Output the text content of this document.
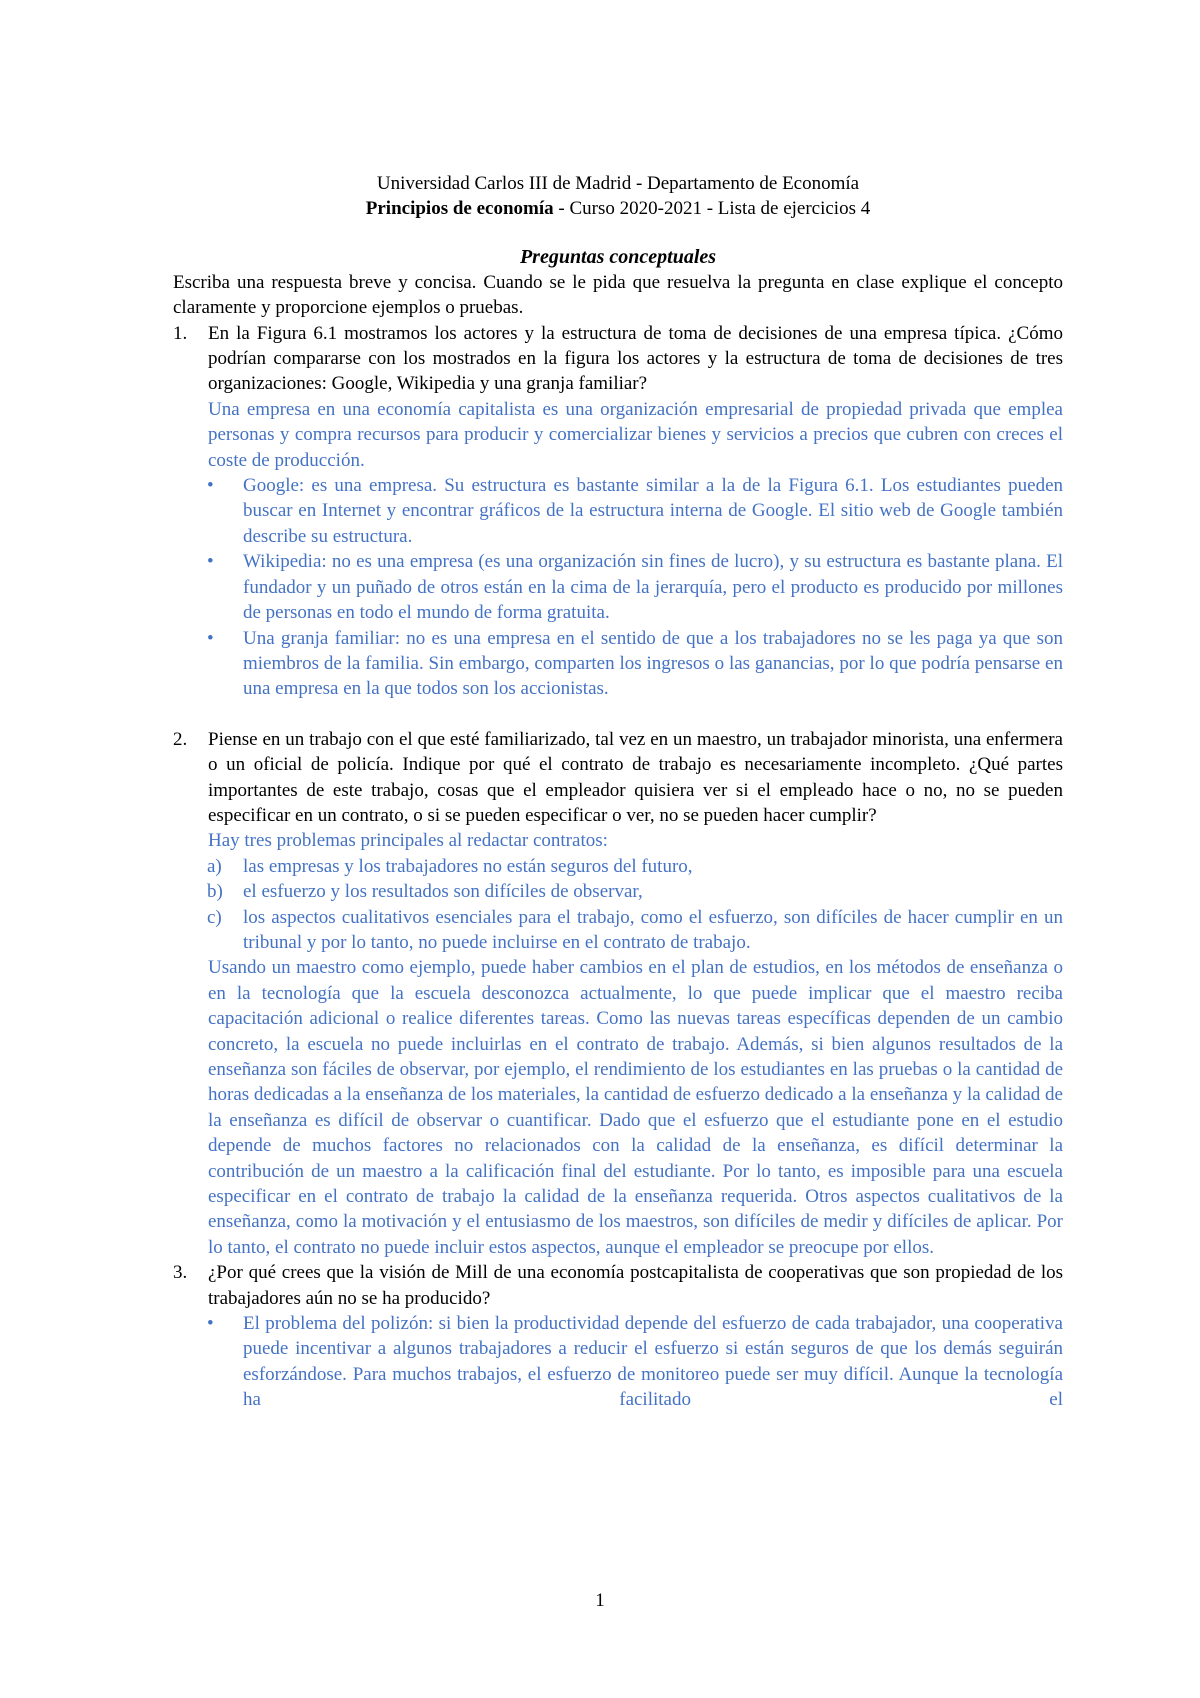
Universidad Carlos III de Madrid - Departamento de Economía

Principios de economía - Curso 2020-2021 - Lista de ejercicios 4

Preguntas conceptuales

Escriba una respuesta breve y concisa. Cuando se le pida que resuelva la pregunta en clase explique el concepto claramente y proporcione ejemplos o pruebas.

1. En la Figura 6.1 mostramos los actores y la estructura de toma de decisiones de una empresa típica. ¿Cómo podrían compararse con los mostrados en la figura los actores y la estructura de toma de decisiones de tres organizaciones: Google, Wikipedia y una granja familiar?

Una empresa en una economía capitalista es una organización empresarial de propiedad privada que emplea personas y compra recursos para producir y comercializar bienes y servicios a precios que cubren con creces el coste de producción.

• Google: es una empresa. Su estructura es bastante similar a la de la Figura 6.1. Los estudiantes pueden buscar en Internet y encontrar gráficos de la estructura interna de Google. El sitio web de Google también describe su estructura.

• Wikipedia: no es una empresa (es una organización sin fines de lucro), y su estructura es bastante plana. El fundador y un puñado de otros están en la cima de la jerarquía, pero el producto es producido por millones de personas en todo el mundo de forma gratuita.

• Una granja familiar: no es una empresa en el sentido de que a los trabajadores no se les paga ya que son miembros de la familia. Sin embargo, comparten los ingresos o las ganancias, por lo que podría pensarse en una empresa en la que todos son los accionistas.

2. Piense en un trabajo con el que esté familiarizado, tal vez en un maestro, un trabajador minorista, una enfermera o un oficial de policía. Indique por qué el contrato de trabajo es necesariamente incompleto. ¿Qué partes importantes de este trabajo, cosas que el empleador quisiera ver si el empleado hace o no, no se pueden especificar en un contrato, o si se pueden especificar o ver, no se pueden hacer cumplir?

Hay tres problemas principales al redactar contratos:

a) las empresas y los trabajadores no están seguros del futuro,

b) el esfuerzo y los resultados son difíciles de observar,

c) los aspectos cualitativos esenciales para el trabajo, como el esfuerzo, son difíciles de hacer cumplir en un tribunal y por lo tanto, no puede incluirse en el contrato de trabajo.

Usando un maestro como ejemplo, puede haber cambios en el plan de estudios, en los métodos de enseñanza o en la tecnología que la escuela desconozca actualmente, lo que puede implicar que el maestro reciba capacitación adicional o realice diferentes tareas. Como las nuevas tareas específicas dependen de un cambio concreto, la escuela no puede incluirlas en el contrato de trabajo. Además, si bien algunos resultados de la enseñanza son fáciles de observar, por ejemplo, el rendimiento de los estudiantes en las pruebas o la cantidad de horas dedicadas a la enseñanza de los materiales, la cantidad de esfuerzo dedicado a la enseñanza y la calidad de la enseñanza es difícil de observar o cuantificar. Dado que el esfuerzo que el estudiante pone en el estudio depende de muchos factores no relacionados con la calidad de la enseñanza, es difícil determinar la contribución de un maestro a la calificación final del estudiante. Por lo tanto, es imposible para una escuela especificar en el contrato de trabajo la calidad de la enseñanza requerida. Otros aspectos cualitativos de la enseñanza, como la motivación y el entusiasmo de los maestros, son difíciles de medir y difíciles de aplicar. Por lo tanto, el contrato no puede incluir estos aspectos, aunque el empleador se preocupe por ellos.

3. ¿Por qué crees que la visión de Mill de una economía postcapitalista de cooperativas que son propiedad de los trabajadores aún no se ha producido?

• El problema del polizón: si bien la productividad depende del esfuerzo de cada trabajador, una cooperativa puede incentivar a algunos trabajadores a reducir el esfuerzo si están seguros de que los demás seguirán esforzándose. Para muchos trabajos, el esfuerzo de monitoreo puede ser muy difícil. Aunque la tecnología ha facilitado el

1
